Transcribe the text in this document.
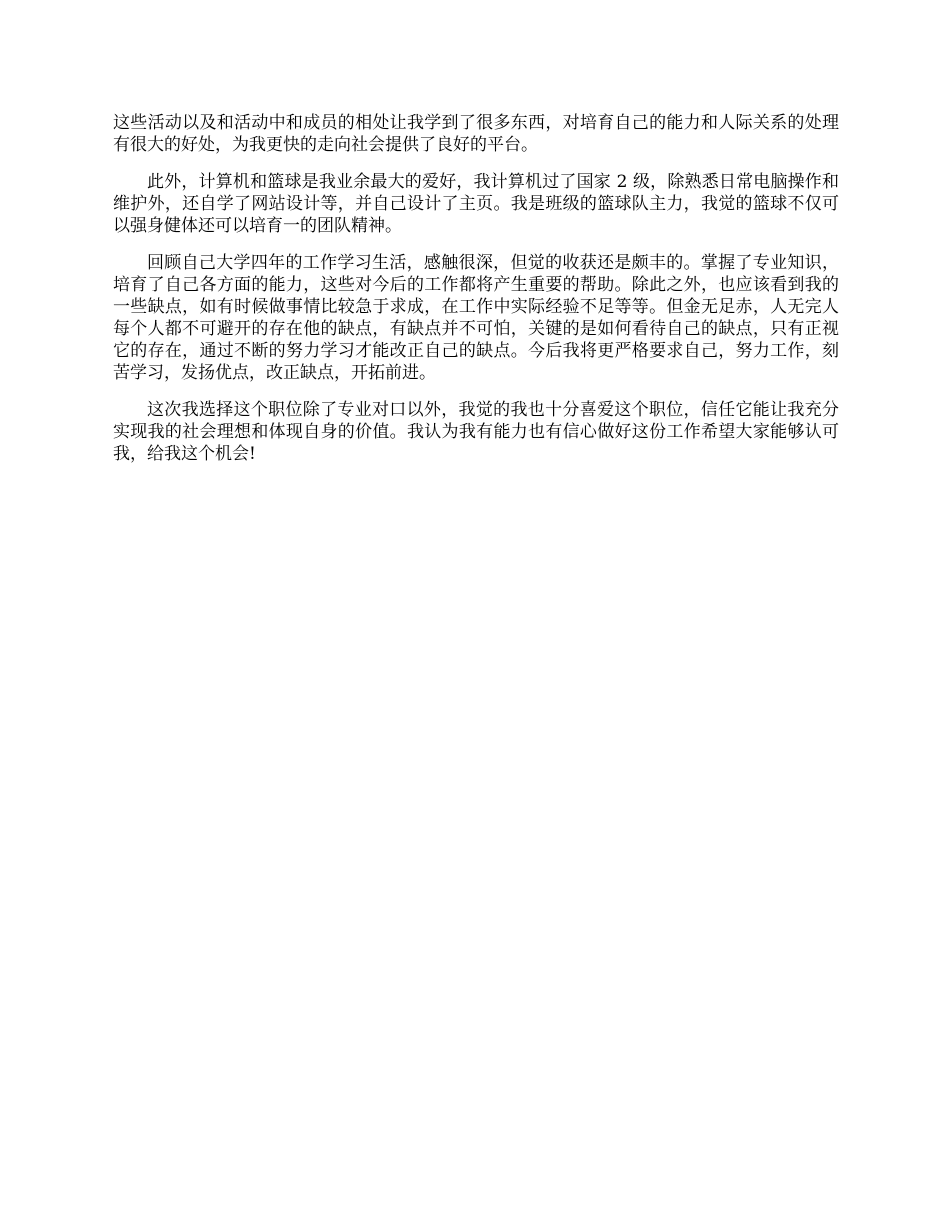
这些活动以及和活动中和成员的相处让我学到了很多东西，对培育自己的能力和人际关系的处理有很大的好处，为我更快的走向社会提供了良好的平台。

此外，计算机和篮球是我业余最大的爱好，我计算机过了国家 2 级，除熟悉日常电脑操作和维护外，还自学了网站设计等，并自己设计了主页。我是班级的篮球队主力，我觉的篮球不仅可以强身健体还可以培育一的团队精神。

回顾自己大学四年的工作学习生活，感触很深，但觉的收获还是颇丰的。掌握了专业知识，培育了自己各方面的能力，这些对今后的工作都将产生重要的帮助。除此之外，也应该看到我的一些缺点，如有时候做事情比较急于求成，在工作中实际经验不足等等。但金无足赤，人无完人每个人都不可避开的存在他的缺点，有缺点并不可怕，关键的是如何看待自己的缺点，只有正视它的存在，通过不断的努力学习才能改正自己的缺点。今后我将更严格要求自己，努力工作，刻苦学习，发扬优点，改正缺点，开拓前进。

这次我选择这个职位除了专业对口以外，我觉的我也十分喜爱这个职位，信任它能让我充分实现我的社会理想和体现自身的价值。我认为我有能力也有信心做好这份工作希望大家能够认可我，给我这个机会!
